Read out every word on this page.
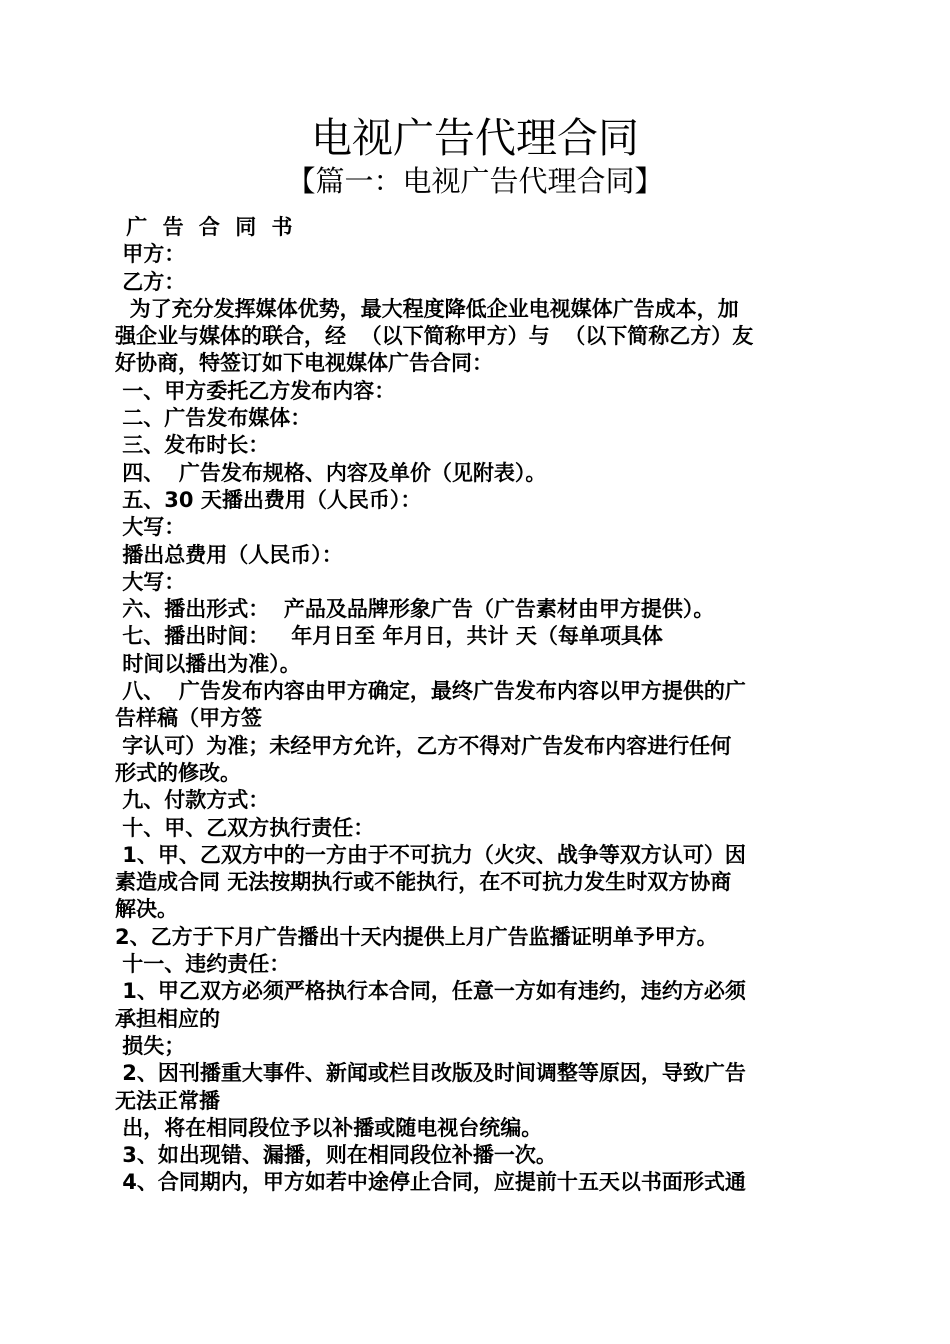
电视广告代理合同
【篇一：电视广告代理合同】

广 告 合 同 书

甲方：

乙方：

为了充分发挥媒体优势，最大程度降低企业电视媒体广告成本，加

强企业与媒体的联合，经  （以下简称甲方）与  （以下简称乙方）友

好协商，特签订如下电视媒体广告合同：

一、甲方委托乙方发布内容：

二、广告发布媒体：

三、发布时长：

四、  广告发布规格、内容及单价（见附表）。

五、30 天播出费用（人民币）：

大写：

播出总费用（人民币）：

大写：

六、播出形式：  产品及品牌形象广告（广告素材由甲方提供）。

七、播出时间：   年月日至 年月日，共计 天（每单项具体

时间以播出为准）。

八、  广告发布内容由甲方确定，最终广告发布内容以甲方提供的广

告样稿（甲方签

字认可）为准；未经甲方允许，乙方不得对广告发布内容进行任何

形式的修改。

九、付款方式：

十、甲、乙双方执行责任：

1、甲、乙双方中的一方由于不可抗力（火灾、战争等双方认可）因

素造成合同 无法按期执行或不能执行，在不可抗力发生时双方协商

解决。

2、乙方于下月广告播出十天内提供上月广告监播证明单予甲方。

十一、违约责任：

1、甲乙双方必须严格执行本合同，任意一方如有违约，违约方必须

承担相应的

损失；

2、因刊播重大事件、新闻或栏目改版及时间调整等原因，导致广告

无法正常播

出，将在相同段位予以补播或随电视台统编。

3、如出现错、漏播，则在相同段位补播一次。

4、合同期内，甲方如若中途停止合同，应提前十五天以书面形式通
